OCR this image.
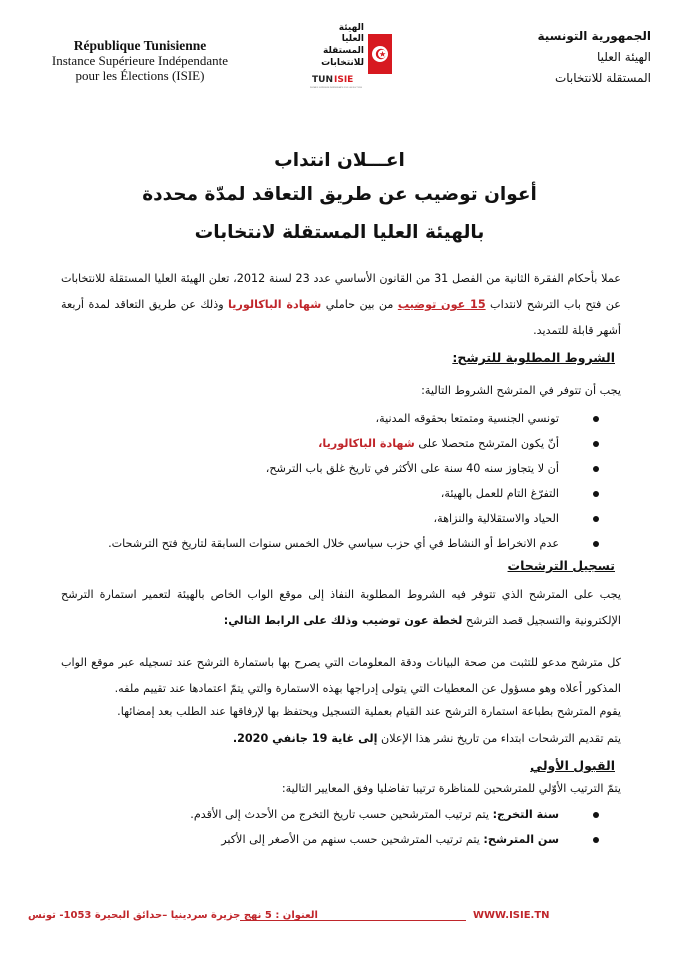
République Tunisienne
Instance Supérieure Indépendante
pour les Élections (ISIE)
الهيئة
العليا
المستقلة
للانتخابات
TUN ISIE
INSTANCE SUPÉRIEURE INDÉPENDANTE POUR LES ÉLECTIONS
الجمهورية التونسية
الهيئة العليا
المستقلة للانتخابات
اعـــلان انتداب
أعوان توضيب عن طريق التعاقد لمدّة محددة
بالهيئة العليا المستقلة لانتخابات
عملا بأحكام الفقرة الثانية من الفصل 31 من القانون الأساسي عدد 23 لسنة 2012، تعلن الهيئة العليا المستقلة للانتخابات عن فتح باب الترشح لانتداب 15 عون توضيب من بين حاملي شهادة الباكالوريا وذلك عن طريق التعاقد لمدة أربعة أشهر قابلة للتمديد.
الشروط المطلوبة للترشح:
يجب أن تتوفر في المترشح الشروط التالية:
تونسي الجنسية ومتمتعا بحقوقه المدنية،
أنّ يكون المترشح متحصلا على شهادة الباكالوريا،
أن لا يتجاوز سنه 40 سنة على الأكثر في تاريخ غلق باب الترشح،
التفرّغ التام للعمل بالهيئة،
الحياد والاستقلالية والنزاهة،
عدم الانخراط أو النشاط في أي حزب سياسي خلال الخمس سنوات السابقة لتاريخ فتح الترشحات.
تسجيل الترشحات
يجب على المترشح الذي تتوفر فيه الشروط المطلوبة النفاذ إلى موقع الواب الخاص بالهيئة لتعمير استمارة الترشح الإلكترونية والتسجيل قصد الترشح لخطة عون توضيب وذلك على الرابط التالي:
كل مترشح مدعو للتثبت من صحة البيانات ودقة المعلومات التي يصرح بها باستمارة الترشح عند تسجيله عبر موقع الواب المذكور أعلاه وهو مسؤول عن المعطيات التي يتولى إدراجها بهذه الاستمارة والتي يتمّ اعتمادها عند تقييم ملفه.
يقوم المترشح بطباعة استمارة الترشح عند القيام بعملية التسجيل ويحتفظ بها لإرفاقها عند الطلب بعد إمضائها.
يتم تقديم الترشحات ابتداء من تاريخ نشر هذا الإعلان إلى غاية 19 جانفي 2020.
القبول الأولي
يتمّ الترتيب الأوّلي للمترشحين للمناظرة ترتيبا تفاضليا وفق المعايير التالية:
سنة التخرج: يتم ترتيب المترشحين حسب تاريخ التخرج من الأحدث إلى الأقدم.
سن المترشح: يتم ترتيب المترشحين حسب سنهم من الأصغر إلى الأكبر
العنوان : 5 نهج جزيرة سردينيا –حدائق البحيرة 1053- تونس	WWW.ISIE.TN
